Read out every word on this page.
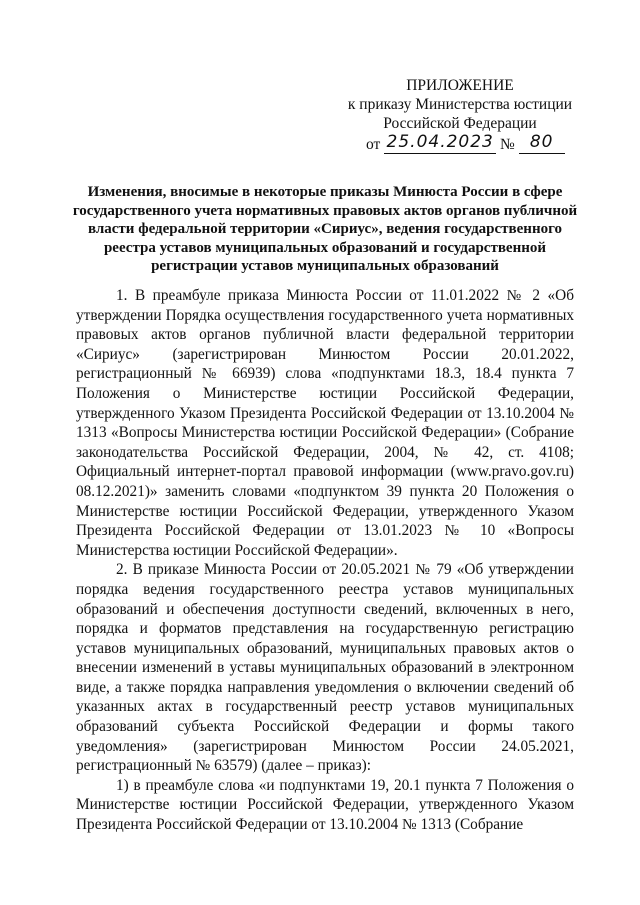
ПРИЛОЖЕНИЕ
к приказу Министерства юстиции
Российской Федерации
от 25.04.2023 № 80
Изменения, вносимые в некоторые приказы Минюста России в сфере государственного учета нормативных правовых актов органов публичной власти федеральной территории «Сириус», ведения государственного реестра уставов муниципальных образований и государственной регистрации уставов муниципальных образований

1. В преамбуле приказа Минюста России от 11.01.2022 № 2 «Об утверждении Порядка осуществления государственного учета нормативных правовых актов органов публичной власти федеральной территории «Сириус» (зарегистрирован Минюстом России 20.01.2022, регистрационный № 66939) слова «подпунктами 18.3, 18.4 пункта 7 Положения о Министерстве юстиции Российской Федерации, утвержденного Указом Президента Российской Федерации от 13.10.2004 № 1313 «Вопросы Министерства юстиции Российской Федерации» (Собрание законодательства Российской Федерации, 2004, № 42, ст. 4108; Официальный интернет-портал правовой информации (www.pravo.gov.ru) 08.12.2021)» заменить словами «подпунктом 39 пункта 20 Положения о Министерстве юстиции Российской Федерации, утвержденного Указом Президента Российской Федерации от 13.01.2023 № 10 «Вопросы Министерства юстиции Российской Федерации».

2. В приказе Минюста России от 20.05.2021 № 79 «Об утверждении порядка ведения государственного реестра уставов муниципальных образований и обеспечения доступности сведений, включенных в него, порядка и форматов представления на государственную регистрацию уставов муниципальных образований, муниципальных правовых актов о внесении изменений в уставы муниципальных образований в электронном виде, а также порядка направления уведомления о включении сведений об указанных актах в государственный реестр уставов муниципальных образований субъекта Российской Федерации и формы такого уведомления» (зарегистрирован Минюстом России 24.05.2021, регистрационный № 63579) (далее – приказ):

1) в преамбуле слова «и подпунктами 19, 20.1 пункта 7 Положения о Министерстве юстиции Российской Федерации, утвержденного Указом Президента Российской Федерации от 13.10.2004 № 1313 (Собрание
